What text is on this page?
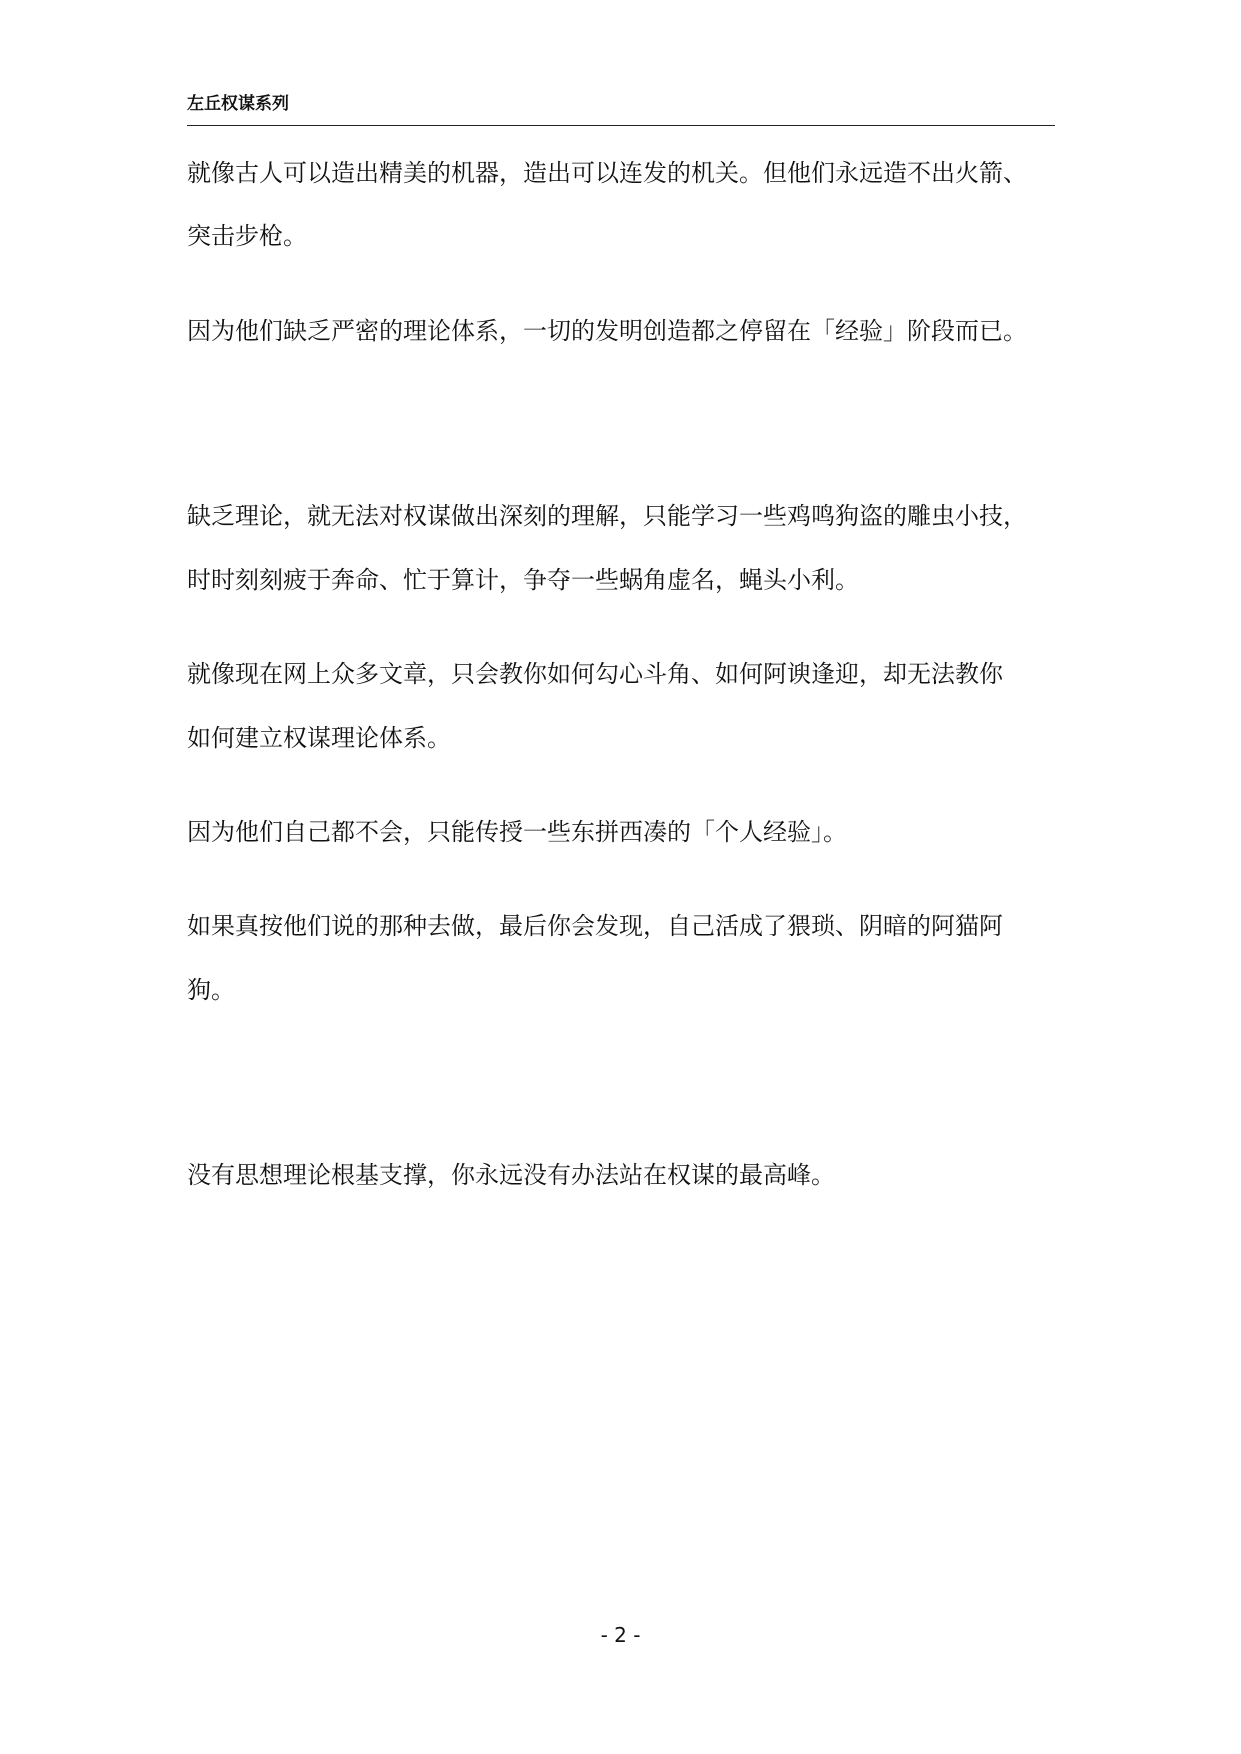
左丘权谋系列
就像古人可以造出精美的机器，造出可以连发的机关。但他们永远造不出火箭、
突击步枪。
因为他们缺乏严密的理论体系，一切的发明创造都之停留在「经验」阶段而已。
缺乏理论，就无法对权谋做出深刻的理解，只能学习一些鸡鸣狗盗的雕虫小技，
时时刻刻疲于奔命、忙于算计，争夺一些蜗角虚名，蝇头小利。
就像现在网上众多文章，只会教你如何勾心斗角、如何阿谀逢迎，却无法教你
如何建立权谋理论体系。
因为他们自己都不会，只能传授一些东拼西凑的「个人经验」。
如果真按他们说的那种去做，最后你会发现，自己活成了猥琐、阴暗的阿猫阿
狗。
没有思想理论根基支撑，你永远没有办法站在权谋的最高峰。
- 2 -
